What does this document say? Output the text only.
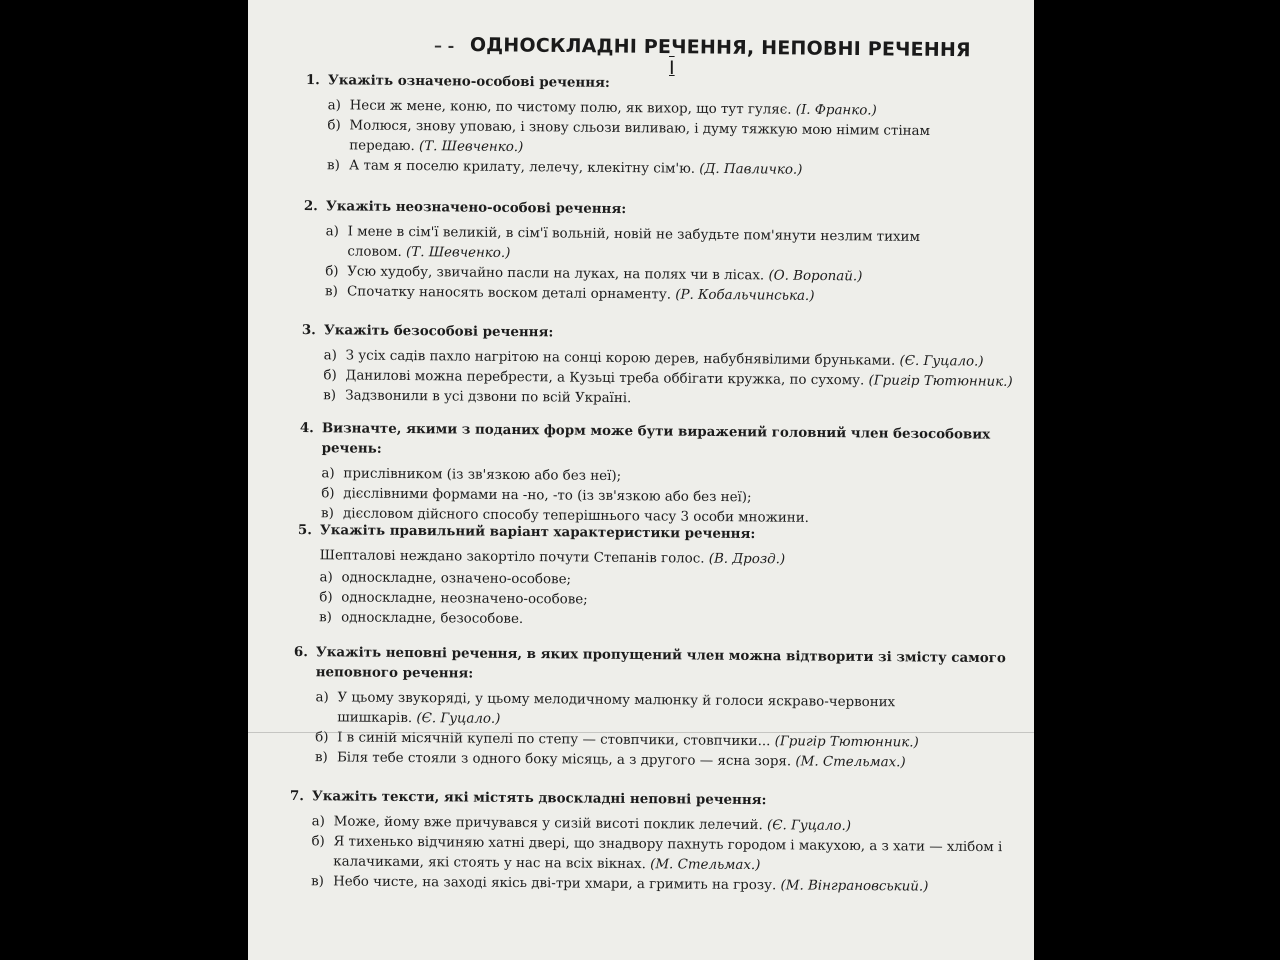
– - ОДНОСКЛАДНІ РЕЧЕННЯ, НЕПОВНІ РЕЧЕННЯ
I
1. Укажіть означено-особові речення:
а) Неси ж мене, коню, по чистому полю, як вихор, що тут гуляє. (І. Франко.)
б) Молюся, знову уповаю, і знову сльози виливаю, і думу тяжкую мою німим стінам передаю. (Т. Шевченко.)
в) А там я поселю крилату, лелечу, клекітну сім'ю. (Д. Павличко.)
2. Укажіть неозначено-особові речення:
а) І мене в сім'ї великій, в сім'ї вольній, новій не забудьте пом'янути незлим тихим словом. (Т. Шевченко.)
б) Усю худобу, звичайно пасли на луках, на полях чи в лісах. (О. Воропай.)
в) Спочатку наносять воском деталі орнаменту. (Р. Кобальчинська.)
3. Укажіть безособові речення:
а) З усіх садів пахло нагрітою на сонці корою дерев, набубнявілими бруньками. (Є. Гуцало.)
б) Данилові можна перебрести, а Кузьці треба оббігати кружка, по сухому. (Григір Тютюнник.)
в) Задзвонили в усі дзвони по всій Україні.
4. Визначте, якими з поданих форм може бути виражений головний член безособових речень:
а) прислівником (із зв'язкою або без неї);
б) дієслівними формами на -но, -то (із зв'язкою або без неї);
в) дієсловом дійсного способу теперішнього часу 3 особи множини.
5. Укажіть правильний варіант характеристики речення:
Шепталові неждано закортіло почути Степанів голос. (В. Дрозд.)
а) односкладне, означено-особове;
б) односкладне, неозначено-особове;
в) односкладне, безособове.
6. Укажіть неповні речення, в яких пропущений член можна відтворити зі змісту самого неповного речення:
а) У цьому звукоряді, у цьому мелодичному малюнку й голоси яскраво-червоних шишкарів. (Є. Гуцало.)
б) І в синій місячній купелі по степу — стовпчики, стовпчики... (Григір Тютюнник.)
в) Біля тебе стояли з одного боку місяць, а з другого — ясна зоря. (М. Стельмах.)
7. Укажіть тексти, які містять двоскладні неповні речення:
а) Може, йому вже причувався у сизій висоті поклик лелечий. (Є. Гуцало.)
б) Я тихенько відчиняю хатні двері, що знадвору пахнуть городом і макухою, а з хати — хлібом і калачиками, які стоять у нас на всіх вікнах. (М. Стельмах.)
в) Небо чисте, на заході якісь дві-три хмари, а гримить на грозу. (М. Вінграновський.)
